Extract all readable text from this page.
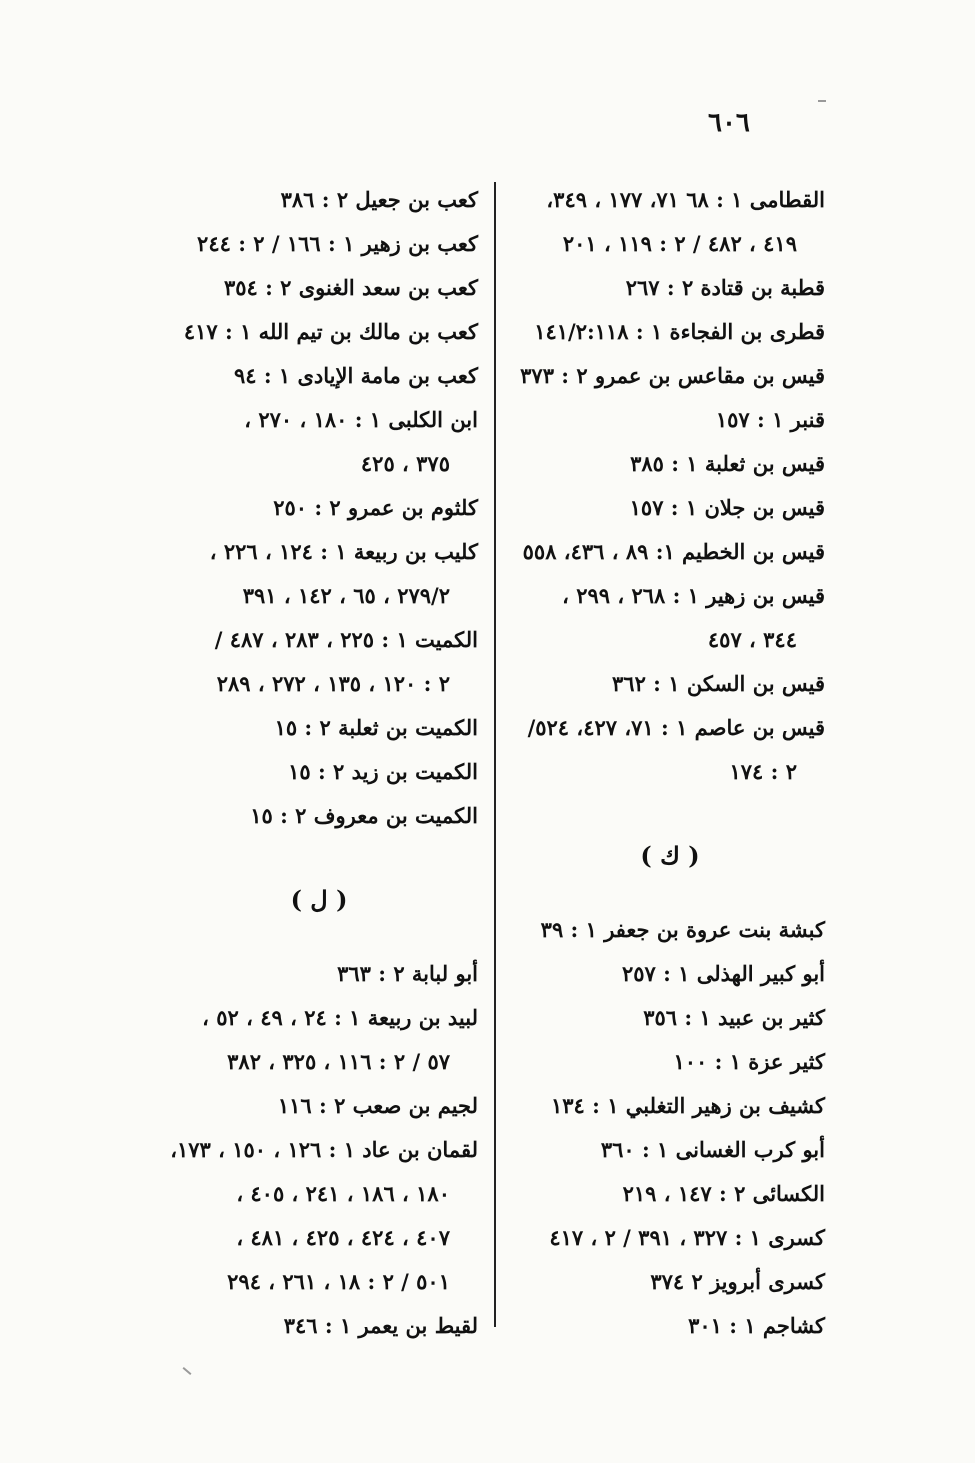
٦٠٦
القطامى ١ : ٦٨ ٧١، ١٧٧ ، ٣٤٩،
٤١٩ ، ٤٨٢ / ٢ : ١١٩ ، ٢٠١
قطبة بن قتادة ٢ : ٢٦٧
قطرى بن الفجاءة ١ : ١٤١/٢:١١٨
قيس بن مقاعس بن عمرو ٢ : ٣٧٣
قنبر ١ : ١٥٧
قيس بن ثعلبة ١ : ٣٨٥
قيس بن جلان ١ : ١٥٧
قيس بن الخطيم ١: ٨٩ ، ٤٣٦، ٥٥٨
قيس بن زهير ١ : ٢٦٨ ، ٢٩٩ ،
٣٤٤ ، ٤٥٧
قيس بن السكن ١ : ٣٦٢
قيس بن عاصم ١ : ٧١، ٤٢٧، ٥٢٤/
٢ : ١٧٤
( ك )
كبشة بنت عروة بن جعفر ١ : ٣٩
أبو كبير الهذلى ١ : ٢٥٧
كثير بن عبيد ١ : ٣٥٦
كثير عزة ١ : ١٠٠
كشيف بن زهير التغلبي ١ : ١٣٤
أبو كرب الغسانى ١ : ٣٦٠
الكسائى ٢ : ١٤٧ ، ٢١٩
كسرى ١ : ٣٢٧ ، ٣٩١ / ٢ ، ٤١٧
كسرى أبرويز ٢ ٣٧٤
كشاجم ١ : ٣٠١
كعب بن جعيل ٢ : ٣٨٦
كعب بن زهير ١ : ١٦٦ / ٢ : ٢٤٤
كعب بن سعد الغنوى ٢ : ٣٥٤
كعب بن مالك بن تيم الله ١ : ٤١٧
كعب بن مامة الإيادى ١ : ٩٤
ابن الكلبى ١ : ١٨٠ ، ٢٧٠ ،
٣٧٥ ، ٤٢٥
كلثوم بن عمرو ٢ : ٢٥٠
كليب بن ربيعة ١ : ١٢٤ ، ٢٢٦ ،
٢٧٩/٢ ، ٦٥ ، ١٤٢ ، ٣٩١
الكميت ١ : ٢٢٥ ، ٢٨٣ ، ٤٨٧ /
٢ : ١٢٠ ، ١٣٥ ، ٢٧٢ ، ٢٨٩
الكميت بن ثعلبة ٢ : ١٥
الكميت بن زيد ٢ : ١٥
الكميت بن معروف ٢ : ١٥
( ل )
أبو لبابة ٢ : ٣٦٣
لبيد بن ربيعة ١ : ٢٤ ، ٤٩ ، ٥٢ ،
٥٧ / ٢ : ١١٦ ، ٣٢٥ ، ٣٨٢
لجيم بن صعب ٢ : ١١٦
لقمان بن عاد ١ : ١٢٦ ، ١٥٠ ، ١٧٣،
١٨٠ ، ١٨٦ ، ٢٤١ ، ٤٠٥ ،
٤٠٧ ، ٤٢٤ ، ٤٢٥ ، ٤٨١ ،
٥٠١ / ٢ : ١٨ ، ٢٦١ ، ٢٩٤
لقيط بن يعمر ١ : ٣٤٦
